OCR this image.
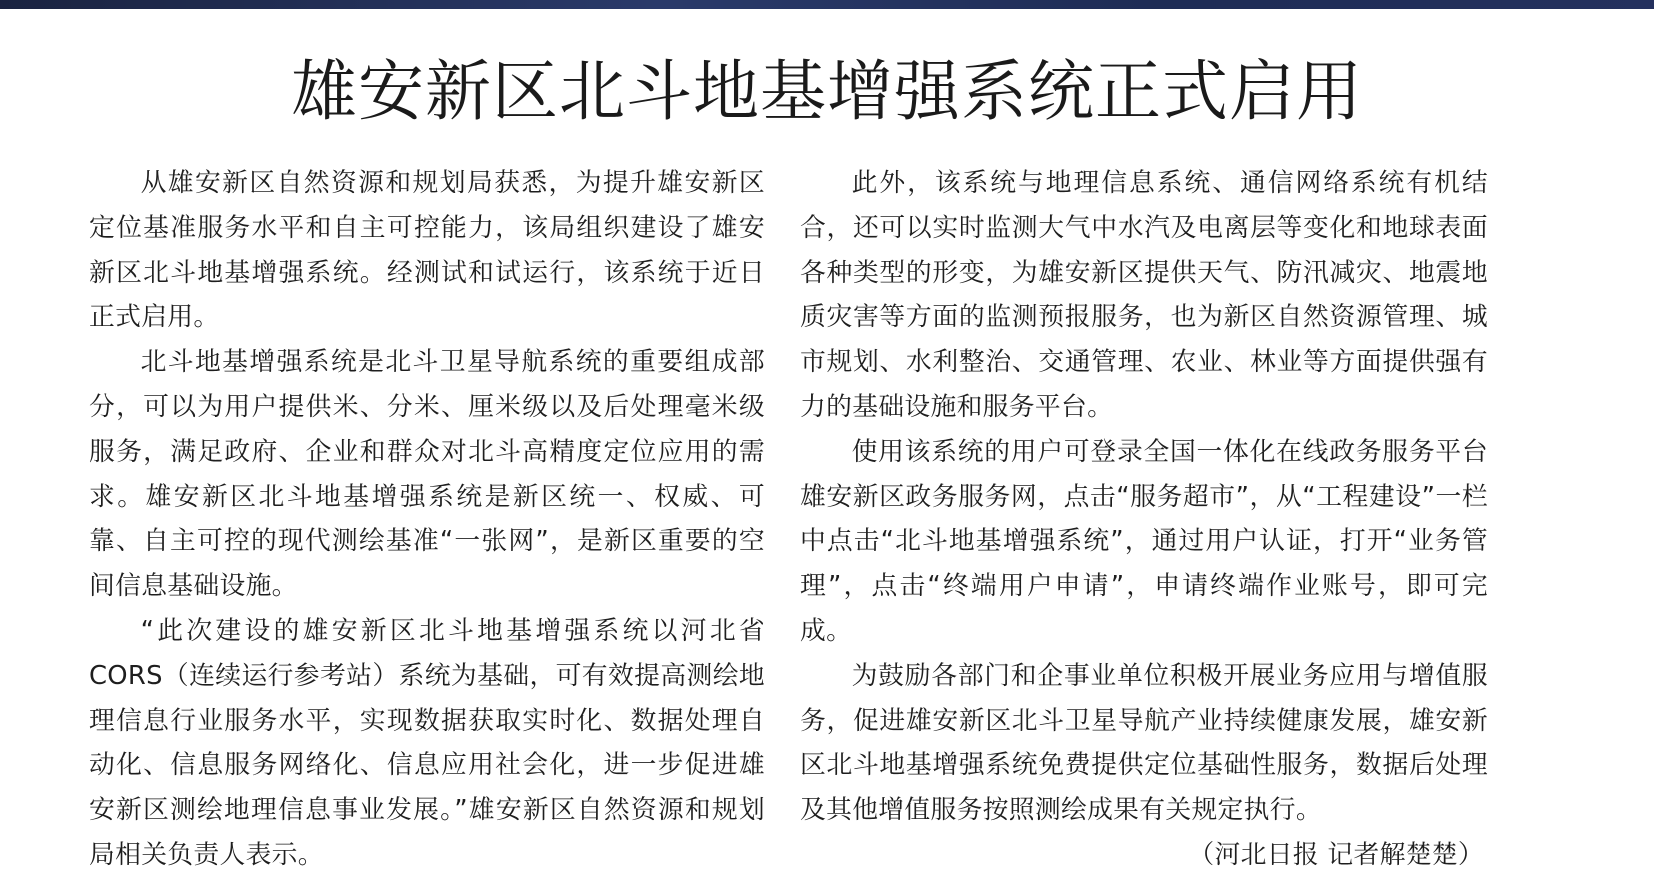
雄安新区北斗地基增强系统正式启用

从雄安新区自然资源和规划局获悉，为提升雄安新区定位基准服务水平和自主可控能力，该局组织建设了雄安新区北斗地基增强系统。经测试和试运行，该系统于近日正式启用。

北斗地基增强系统是北斗卫星导航系统的重要组成部分，可以为用户提供米、分米、厘米级以及后处理毫米级服务，满足政府、企业和群众对北斗高精度定位应用的需求。雄安新区北斗地基增强系统是新区统一、权威、可靠、自主可控的现代测绘基准“一张网”，是新区重要的空间信息基础设施。

“此次建设的雄安新区北斗地基增强系统以河北省CORS（连续运行参考站）系统为基础，可有效提高测绘地理信息行业服务水平，实现数据获取实时化、数据处理自动化、信息服务网络化、信息应用社会化，进一步促进雄安新区测绘地理信息事业发展。”雄安新区自然资源和规划局相关负责人表示。

此外，该系统与地理信息系统、通信网络系统有机结合，还可以实时监测大气中水汽及电离层等变化和地球表面各种类型的形变，为雄安新区提供天气、防汛减灾、地震地质灾害等方面的监测预报服务，也为新区自然资源管理、城市规划、水利整治、交通管理、农业、林业等方面提供强有力的基础设施和服务平台。

使用该系统的用户可登录全国一体化在线政务服务平台雄安新区政务服务网，点击“服务超市”，从“工程建设”一栏中点击“北斗地基增强系统”，通过用户认证，打开“业务管理”，点击“终端用户申请”，申请终端作业账号，即可完成。

为鼓励各部门和企事业单位积极开展业务应用与增值服务，促进雄安新区北斗卫星导航产业持续健康发展，雄安新区北斗地基增强系统免费提供定位基础性服务，数据后处理及其他增值服务按照测绘成果有关规定执行。

（河北日报 记者解楚楚）
